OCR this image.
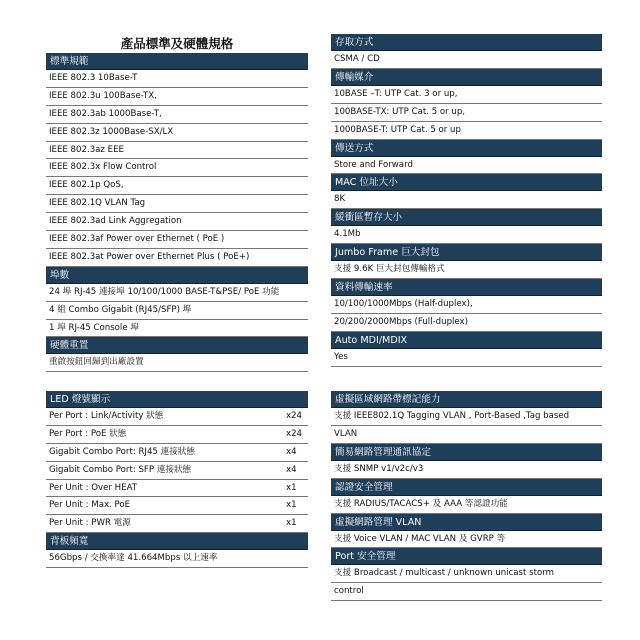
產品標準及硬體規格
標準規範
IEEE 802.3 10Base-T
IEEE 802.3u 100Base-TX,
IEEE 802.3ab 1000Base-T,
IEEE 802.3z 1000Base-SX/LX
IEEE 802.3az EEE
IEEE 802.3x Flow Control
IEEE 802.1p QoS,
IEEE 802.1Q VLAN Tag
IEEE 802.3ad Link Aggregation
IEEE 802.3af Power over Ethernet ( PoE )
IEEE 802.3at Power over Ethernet Plus ( PoE+)
埠數
24 埠 RJ-45 連接埠 10/100/1000 BASE-T&PSE/ PoE 功能
4 組 Combo Gigabit (RJ45/SFP) 埠
1 埠 RJ-45 Console 埠
硬體重置
重啟按鈕回歸到出廠設置
存取方式
CSMA / CD
傳輸媒介
10BASE –T: UTP Cat. 3 or up,
100BASE-TX: UTP Cat. 5 or up,
1000BASE-T: UTP Cat. 5 or up
傳送方式
Store and Forward
MAC 位址大小
8K
緩衝區暫存大小
4.1Mb
Jumbo Frame 巨大封包
支援 9.6K 巨大封包傳輸格式
資料傳輸速率
10/100/1000Mbps (Half-duplex),
20/200/2000Mbps (Full-duplex)
Auto MDI/MDIX
Yes
LED 燈號顯示
Per Port : Link/Activity 狀態	x24
Per Port : PoE 狀態	x24
Gigabit Combo Port: RJ45 連接狀態	x4
Gigabit Combo Port: SFP 連接狀態	x4
Per Unit : Over HEAT	x1
Per Unit : Max. PoE	x1
Per Unit : PWR 電源	x1
背板頻寬
56Gbps / 交換率達 41.664Mbps 以上速率
虛擬區域網路帶標記能力
支援 IEEE802.1Q Tagging VLAN , Port-Based ,Tag based
VLAN
簡易網路管理通訊協定
支援 SNMP v1/v2c/v3
認證安全管理
支援 RADIUS/TACACS+ 及 AAA 等認證功能
虛擬網路管理 VLAN
支援 Voice VLAN / MAC VLAN 及 GVRP 等
Port 安全管理
支援 Broadcast / multicast / unknown unicast storm
control
